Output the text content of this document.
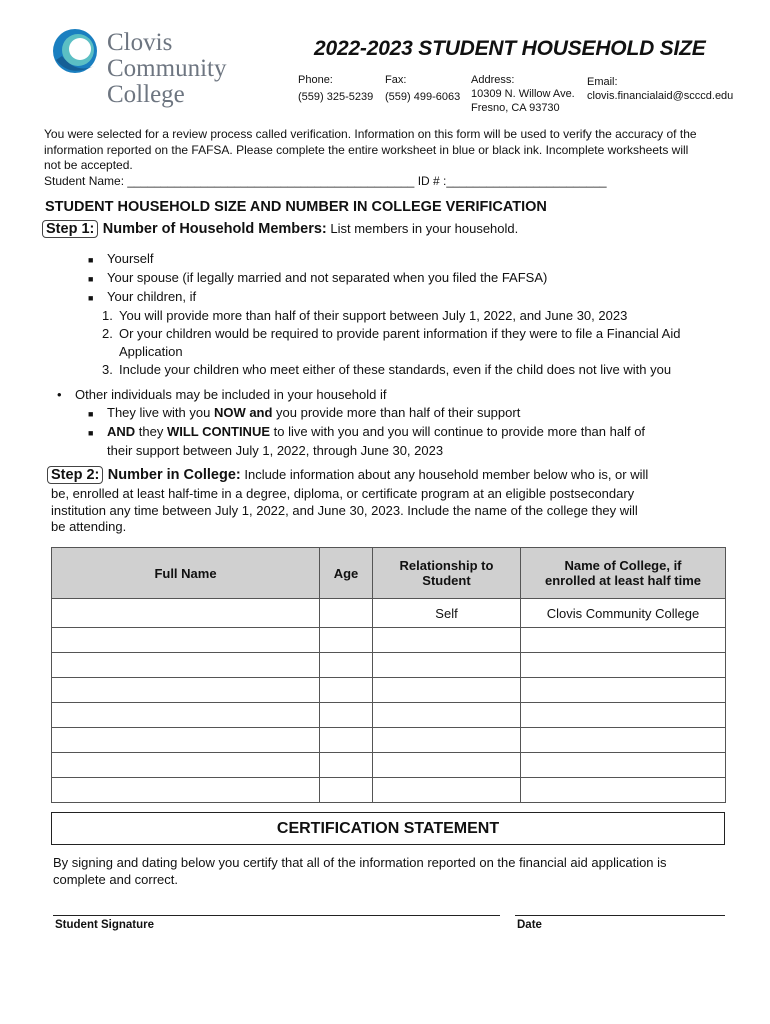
Clovis
Community
College
2022-2023 STUDENT HOUSEHOLD SIZE
Phone:
(559) 325-5239
Fax:
(559) 499-6063
Address:
10309 N. Willow Ave.
Fresno, CA 93730
Email:
clovis.financialaid@scccd.edu
You were selected for a review process called verification. Information on this form will be used to verify the accuracy of the
information reported on the FAFSA. Please complete the entire worksheet in blue or black ink. Incomplete worksheets will
not be accepted.
Student Name: ___________________________________________ ID # :________________________
STUDENT HOUSEHOLD SIZE AND NUMBER IN COLLEGE VERIFICATION
Step 1: Number of Household Members: List members in your household.
■ Yourself
■ Your spouse (if legally married and not separated when you filed the FAFSA)
■ Your children, if
1. You will provide more than half of their support between July 1, 2022, and June 30, 2023
2. Or your children would be required to provide parent information if they were to file a Financial Aid
Application
3. Include your children who meet either of these standards, even if the child does not live with you
• Other individuals may be included in your household if
■ They live with you NOW and you provide more than half of their support
■ AND they WILL CONTINUE to live with you and you will continue to provide more than half of
their support between July 1, 2022, through June 30, 2023
Step 2: Number in College: Include information about any household member below who is, or will
be, enrolled at least half-time in a degree, diploma, or certificate program at an eligible postsecondary
institution any time between July 1, 2022, and June 30, 2023. Include the name of the college they will
be attending.
Full Name	Age	Relationship to Student	Name of College, if enrolled at least half time
		Self	Clovis Community College

CERTIFICATION STATEMENT
By signing and dating below you certify that all of the information reported on the financial aid application is
complete and correct.
Student Signature	Date
